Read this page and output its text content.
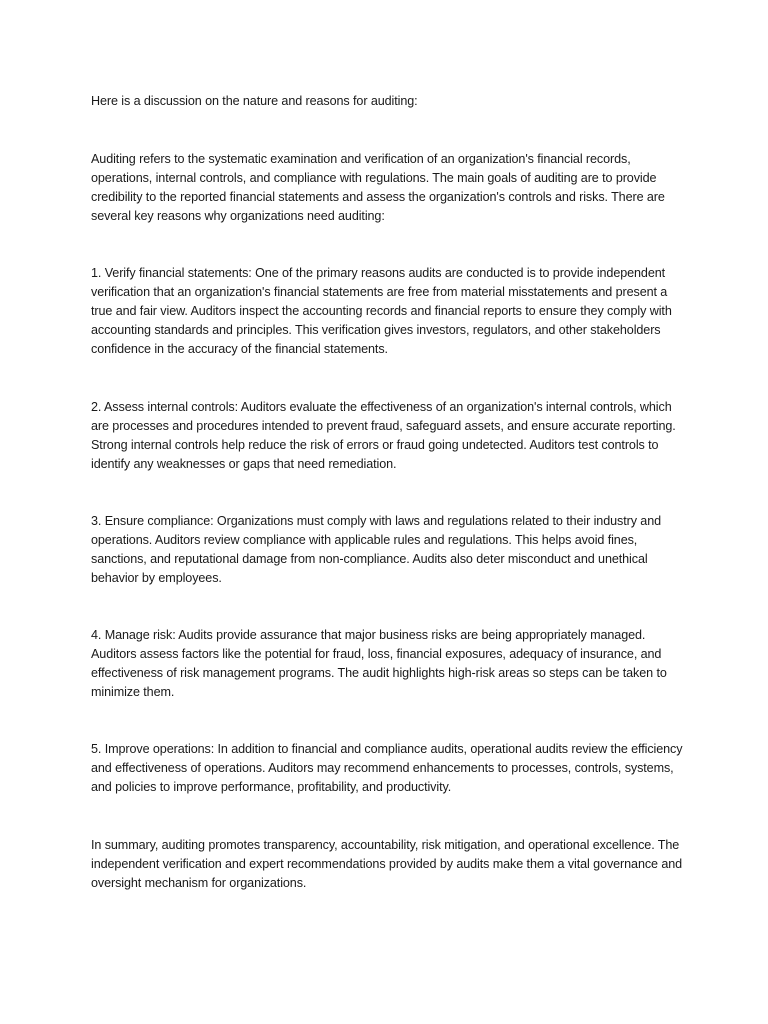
Here is a discussion on the nature and reasons for auditing:

Auditing refers to the systematic examination and verification of an organization's financial records, operations, internal controls, and compliance with regulations. The main goals of auditing are to provide credibility to the reported financial statements and assess the organization's controls and risks. There are several key reasons why organizations need auditing:

1. Verify financial statements: One of the primary reasons audits are conducted is to provide independent verification that an organization's financial statements are free from material misstatements and present a true and fair view. Auditors inspect the accounting records and financial reports to ensure they comply with accounting standards and principles. This verification gives investors, regulators, and other stakeholders confidence in the accuracy of the financial statements.

2. Assess internal controls: Auditors evaluate the effectiveness of an organization's internal controls, which are processes and procedures intended to prevent fraud, safeguard assets, and ensure accurate reporting. Strong internal controls help reduce the risk of errors or fraud going undetected. Auditors test controls to identify any weaknesses or gaps that need remediation.

3. Ensure compliance: Organizations must comply with laws and regulations related to their industry and operations. Auditors review compliance with applicable rules and regulations. This helps avoid fines, sanctions, and reputational damage from non-compliance. Audits also deter misconduct and unethical behavior by employees.

4. Manage risk: Audits provide assurance that major business risks are being appropriately managed. Auditors assess factors like the potential for fraud, loss, financial exposures, adequacy of insurance, and effectiveness of risk management programs. The audit highlights high-risk areas so steps can be taken to minimize them.

5. Improve operations: In addition to financial and compliance audits, operational audits review the efficiency and effectiveness of operations. Auditors may recommend enhancements to processes, controls, systems, and policies to improve performance, profitability, and productivity.

In summary, auditing promotes transparency, accountability, risk mitigation, and operational excellence. The independent verification and expert recommendations provided by audits make them a vital governance and oversight mechanism for organizations.
